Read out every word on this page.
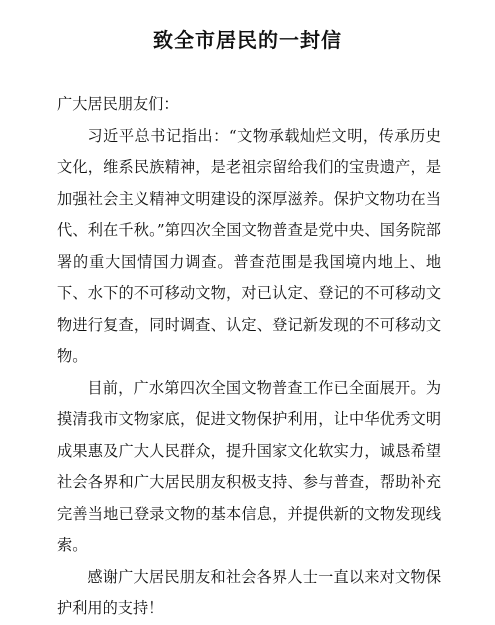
致全市居民的一封信

广大居民朋友们：

习近平总书记指出：“文物承载灿烂文明，传承历史文化，维系民族精神，是老祖宗留给我们的宝贵遗产，是加强社会主义精神文明建设的深厚滋养。保护文物功在当代、利在千秋。”第四次全国文物普查是党中央、国务院部署的重大国情国力调查。普查范围是我国境内地上、地下、水下的不可移动文物，对已认定、登记的不可移动文物进行复查，同时调查、认定、登记新发现的不可移动文物。

目前，广水第四次全国文物普查工作已全面展开。为摸清我市文物家底，促进文物保护利用，让中华优秀文明成果惠及广大人民群众，提升国家文化软实力，诚恳希望社会各界和广大居民朋友积极支持、参与普查，帮助补充完善当地已登录文物的基本信息，并提供新的文物发现线索。

感谢广大居民朋友和社会各界人士一直以来对文物保护利用的支持！
